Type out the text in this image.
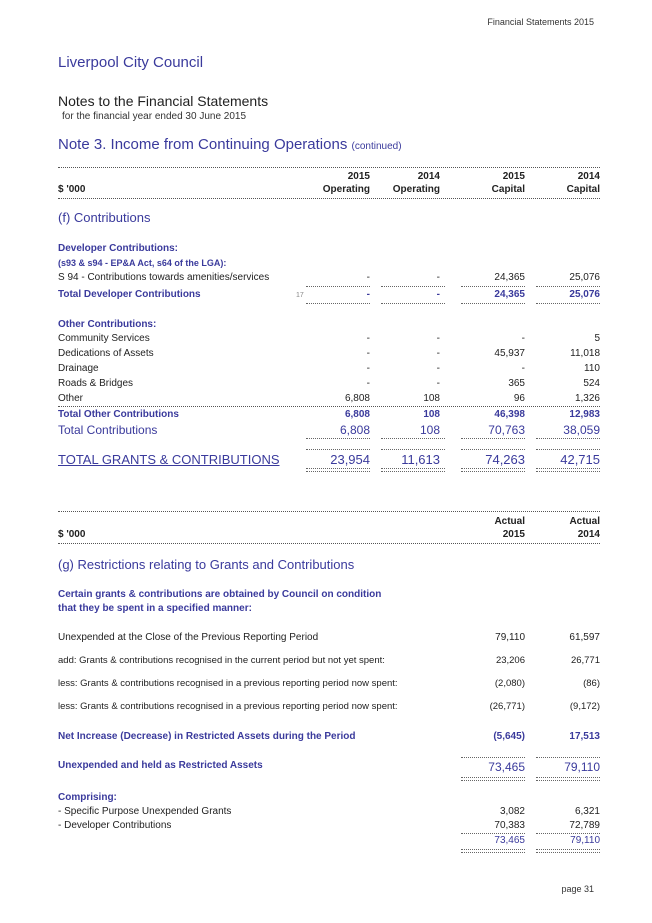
Financial Statements 2015
Liverpool City Council
Notes to the Financial Statements
for the financial year ended 30 June 2015
Note 3. Income from Continuing Operations (continued)
2015	2014	2015	2014
$ '000	Operating	Operating	Capital	Capital
(f) Contributions
Developer Contributions:
(s93 & s94 - EP&A Act, s64 of the LGA):
S 94 - Contributions towards amenities/services	-	-	24,365	25,076
Total Developer Contributions	-	-	24,365	25,076
17
Other Contributions:
Community Services	-	-	-	5
Dedications of Assets	-	-	45,937	11,018
Drainage	-	-	-	110
Roads & Bridges	-	-	365	524
Other	6,808	108	96	1,326
Total Other Contributions	6,808	108	46,398	12,983
Total Contributions	6,808	108	70,763	38,059
TOTAL GRANTS & CONTRIBUTIONS	23,954	11,613	74,263	42,715
Actual	Actual
$ '000	2015	2014
(g) Restrictions relating to Grants and Contributions
Certain grants & contributions are obtained by Council on condition
that they be spent in a specified manner:
Unexpended at the Close of the Previous Reporting Period	79,110	61,597
add: Grants & contributions recognised in the current period but not yet spent:	23,206	26,771
less: Grants & contributions recognised in a previous reporting period now spent:	(2,080)	(86)
less: Grants & contributions recognised in a previous reporting period now spent:	(26,771)	(9,172)
Net Increase (Decrease) in Restricted Assets during the Period	(5,645)	17,513
Unexpended and held as Restricted Assets	73,465	79,110
Comprising:
- Specific Purpose Unexpended Grants	3,082	6,321
- Developer Contributions	70,383	72,789
73,465	79,110
page 31
